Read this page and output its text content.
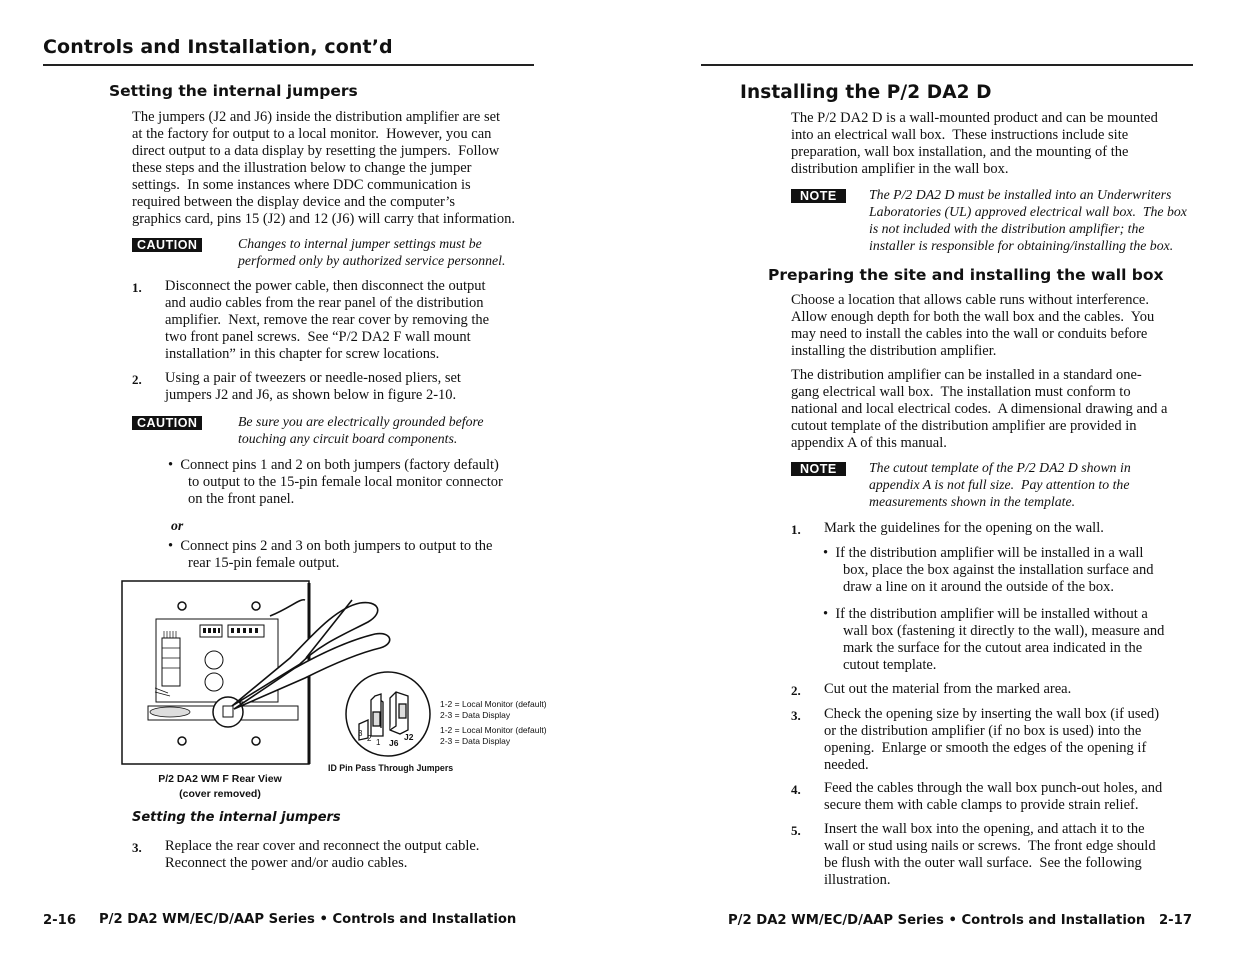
Controls and Installation, cont’d
Setting the internal jumpers
The jumpers (J2 and J6) inside the distribution amplifier are set
at the factory for output to a local monitor.  However, you can
direct output to a data display by resetting the jumpers.  Follow
these steps and the illustration below to change the jumper
settings.  In some instances where DDC communication is
required between the display device and the computer’s
graphics card, pins 15 (J2) and 12 (J6) will carry that information.
CAUTION	Changes to internal jumper settings must be
performed only by authorized service personnel.
1. Disconnect the power cable, then disconnect the output
and audio cables from the rear panel of the distribution
amplifier.  Next, remove the rear cover by removing the
two front panel screws.  See “P/2 DA2 F wall mount
installation” in this chapter for screw locations.
2. Using a pair of tweezers or needle-nosed pliers, set
jumpers J2 and J6, as shown below in figure 2-10.
CAUTION	Be sure you are electrically grounded before
touching any circuit board components.
•  Connect pins 1 and 2 on both jumpers (factory default)
to output to the 15-pin female local monitor connector
on the front panel.
or
•  Connect pins 2 and 3 on both jumpers to output to the
rear 15-pin female output.
3
2 1 J6
J2
1-2 = Local Monitor (default)
2-3 = Data Display
1-2 = Local Monitor (default)
2-3 = Data Display
ID Pin Pass Through Jumpers
P/2 DA2 WM F Rear View
(cover removed)
Setting the internal jumpers
3. Replace the rear cover and reconnect the output cable.
Reconnect the power and/or audio cables.
2-16 P/2 DA2 WM/EC/D/AAP Series • Controls and Installation
Installing the P/2 DA2 D
The P/2 DA2 D is a wall-mounted product and can be mounted
into an electrical wall box.  These instructions include site
preparation, wall box installation, and the mounting of the
distribution amplifier in the wall box.
NOTE	The P/2 DA2 D must be installed into an Underwriters
Laboratories (UL) approved electrical wall box.  The box
is not included with the distribution amplifier; the
installer is responsible for obtaining/installing the box.
Preparing the site and installing the wall box
Choose a location that allows cable runs without interference.
Allow enough depth for both the wall box and the cables.  You
may need to install the cables into the wall or conduits before
installing the distribution amplifier.
The distribution amplifier can be installed in a standard one-
gang electrical wall box.  The installation must conform to
national and local electrical codes.  A dimensional drawing and a
cutout template of the distribution amplifier are provided in
appendix A of this manual.
NOTE	The cutout template of the P/2 DA2 D shown in
appendix A is not full size.  Pay attention to the
measurements shown in the template.
1. Mark the guidelines for the opening on the wall.
•  If the distribution amplifier will be installed in a wall
box, place the box against the installation surface and
draw a line on it around the outside of the box.
•  If the distribution amplifier will be installed without a
wall box (fastening it directly to the wall), measure and
mark the surface for the cutout area indicated in the
cutout template.
2. Cut out the material from the marked area.
3. Check the opening size by inserting the wall box (if used)
or the distribution amplifier (if no box is used) into the
opening.  Enlarge or smooth the edges of the opening if
needed.
4. Feed the cables through the wall box punch-out holes, and
secure them with cable clamps to provide strain relief.
5. Insert the wall box into the opening, and attach it to the
wall or stud using nails or screws.  The front edge should
be flush with the outer wall surface.  See the following
illustration.
P/2 DA2 WM/EC/D/AAP Series • Controls and Installation 2-17
